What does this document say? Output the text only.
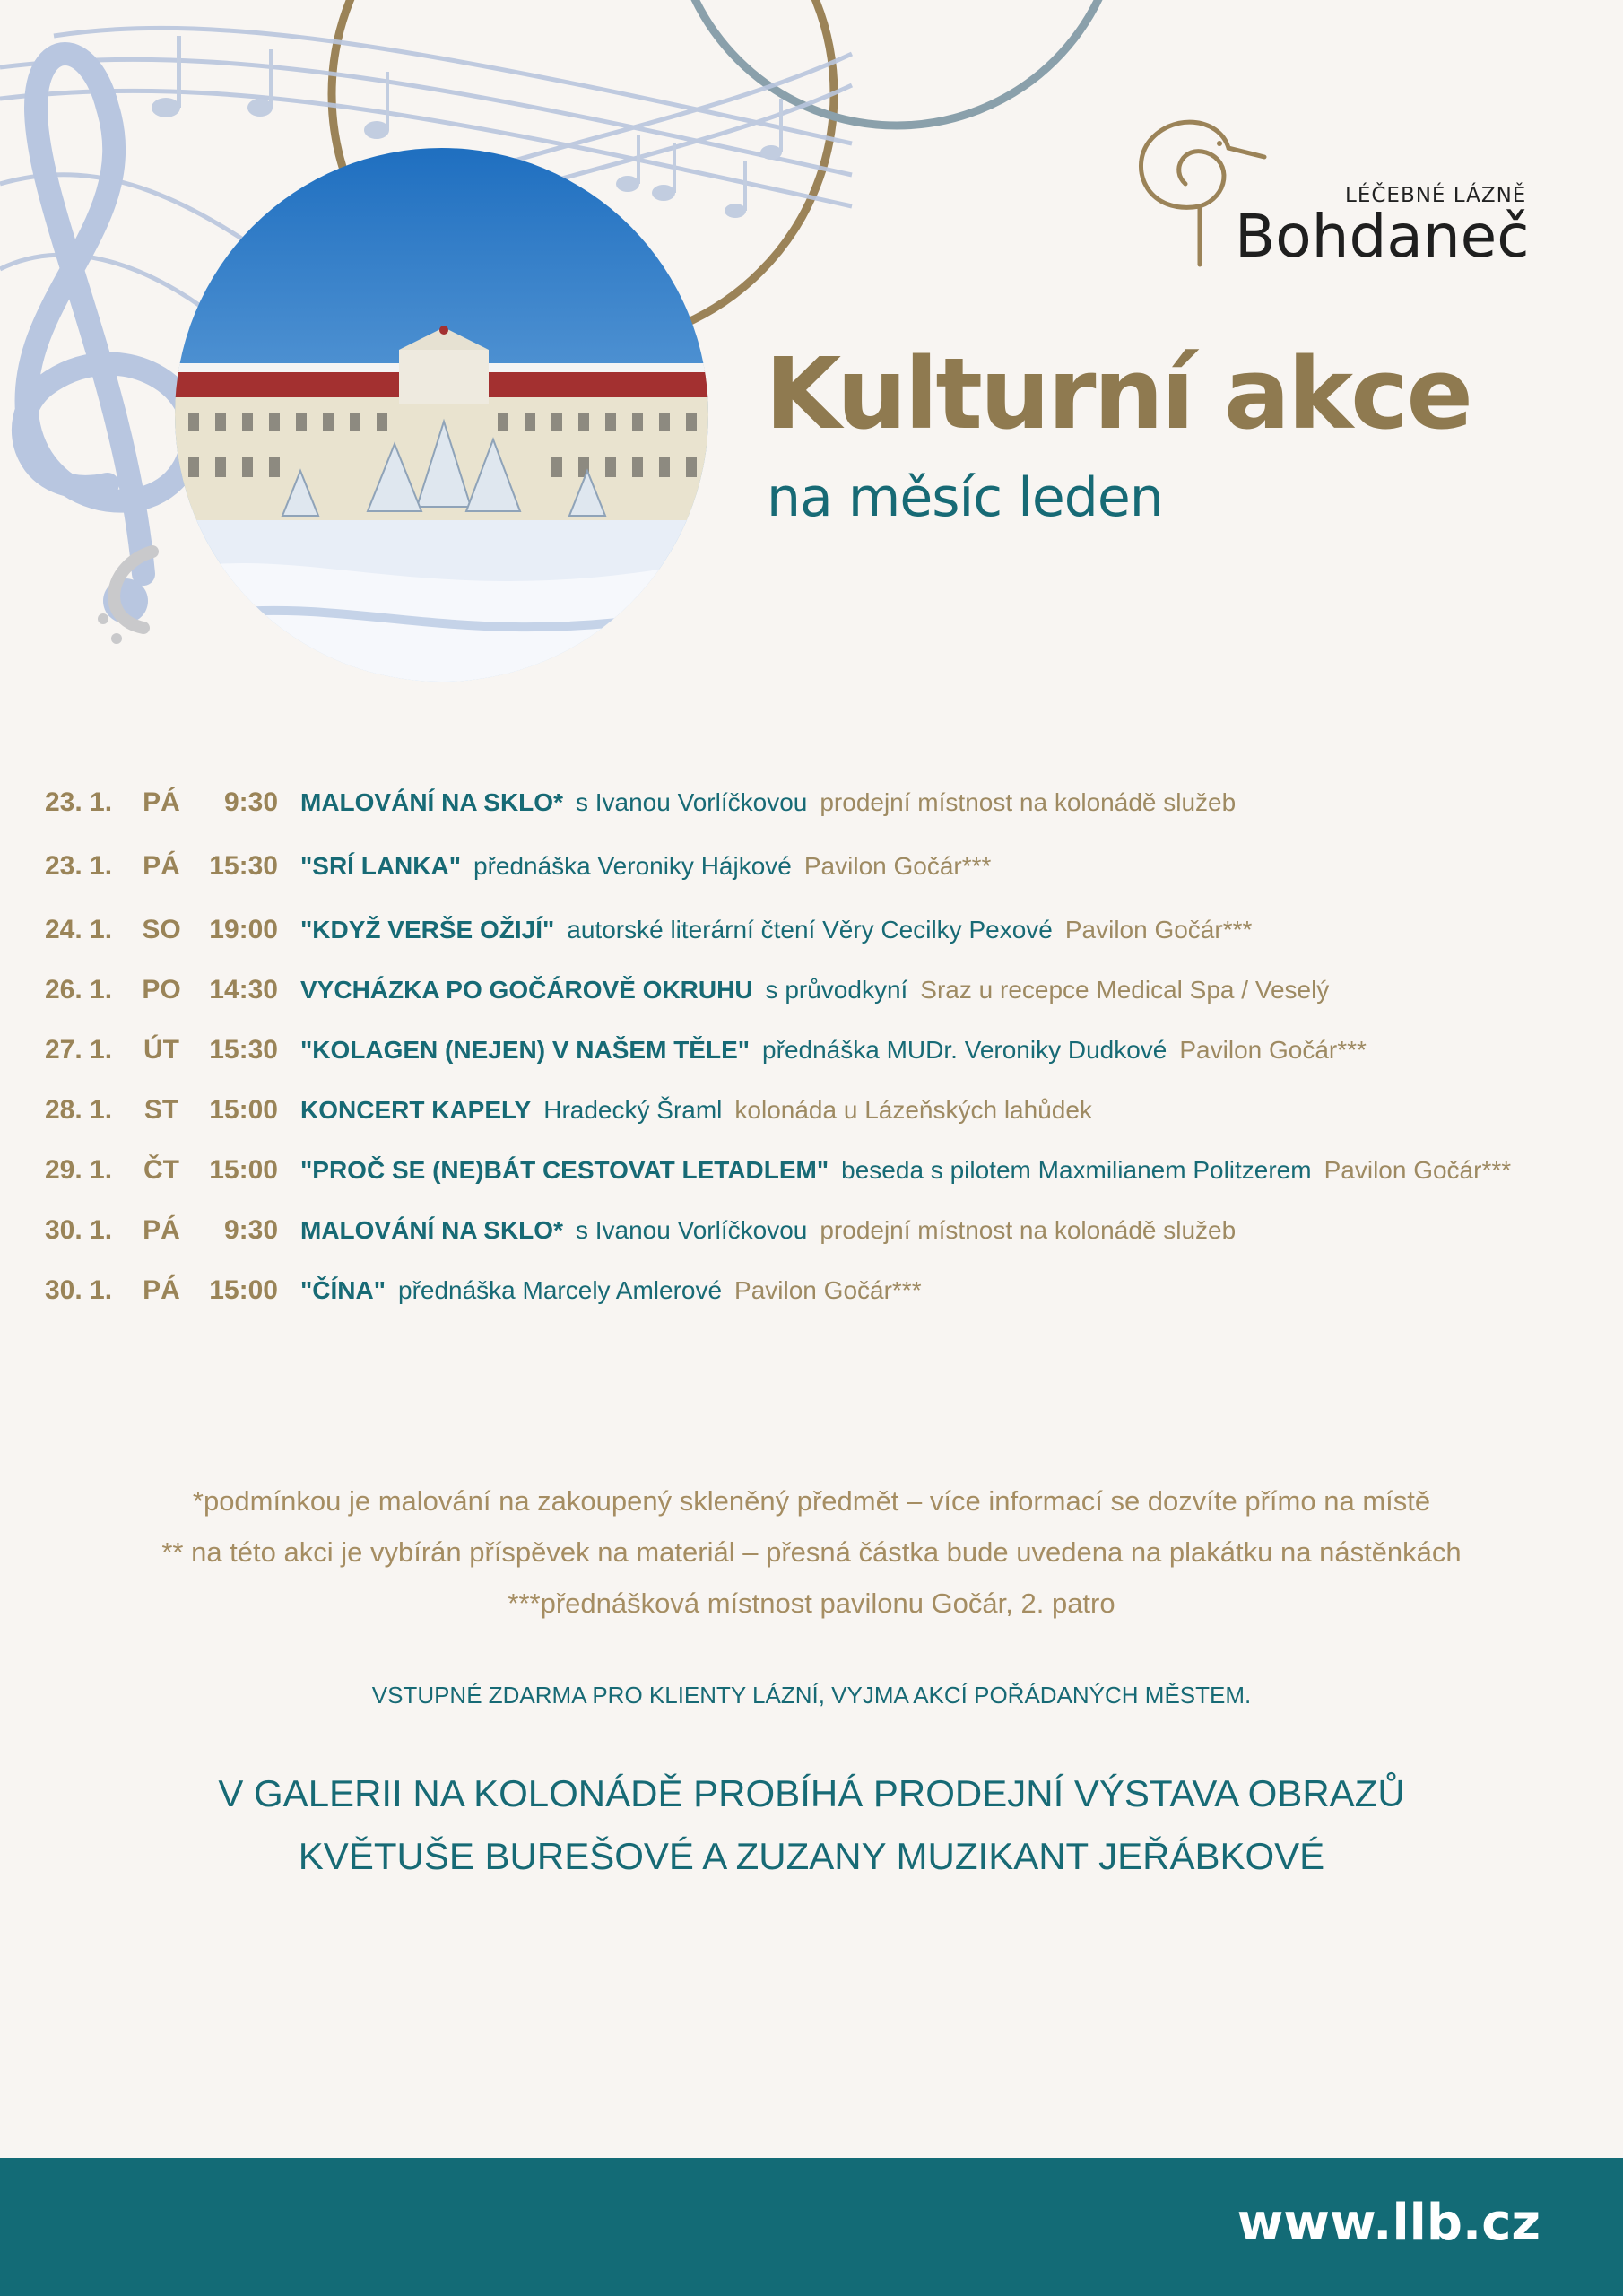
LÉČEBNÉ LÁZNĚ
Bohdaneč
Kulturní akce
na měsíc leden
23. 1. PÁ	9:30 MALOVÁNÍ NA SKLO* s Ivanou Vorlíčkovou prodejní místnost na kolonádě služeb
23. 1. PÁ 15:30 "SRÍ LANKA" přednáška Veroniky Hájkové Pavilon Gočár***
24. 1. SO 19:00 "KDYŽ VERŠE OŽIJÍ" autorské literární čtení Věry Cecilky Pexové Pavilon Gočár***
26. 1. PO 14:30 VYCHÁZKA PO GOČÁROVĚ OKRUHU s průvodkyní Sraz u recepce Medical Spa / Veselý
27. 1. ÚT 15:30 "KOLAGEN (NEJEN) V NAŠEM TĚLE" přednáška MUDr. Veroniky Dudkové Pavilon Gočár***
28. 1. ST 15:00 KONCERT KAPELY Hradecký Šraml kolonáda u Lázeňských lahůdek
29. 1. ČT 15:00 "PROČ SE (NE)BÁT CESTOVAT LETADLEM" beseda s pilotem Maxmilianem Politzerem Pavilon Gočár***
30. 1. PÁ	9:30 MALOVÁNÍ NA SKLO* s Ivanou Vorlíčkovou prodejní místnost na kolonádě služeb
30. 1. PÁ 15:00 "ČÍNA" přednáška Marcely Amlerové Pavilon Gočár***
*podmínkou je malování na zakoupený skleněný předmět – více informací se dozvíte přímo na místě
** na této akci je vybírán příspěvek na materiál – přesná částka bude uvedena na plakátku na nástěnkách
***přednášková místnost pavilonu Gočár, 2. patro
VSTUPNÉ ZDARMA PRO KLIENTY LÁZNÍ, VYJMA AKCÍ POŘÁDANÝCH MĚSTEM.
V GALERII NA KOLONÁDĚ PROBÍHÁ PRODEJNÍ VÝSTAVA OBRAZŮ
KVĚTUŠE BUREŠOVÉ A ZUZANY MUZIKANT JEŘÁBKOVÉ
www.llb.cz
